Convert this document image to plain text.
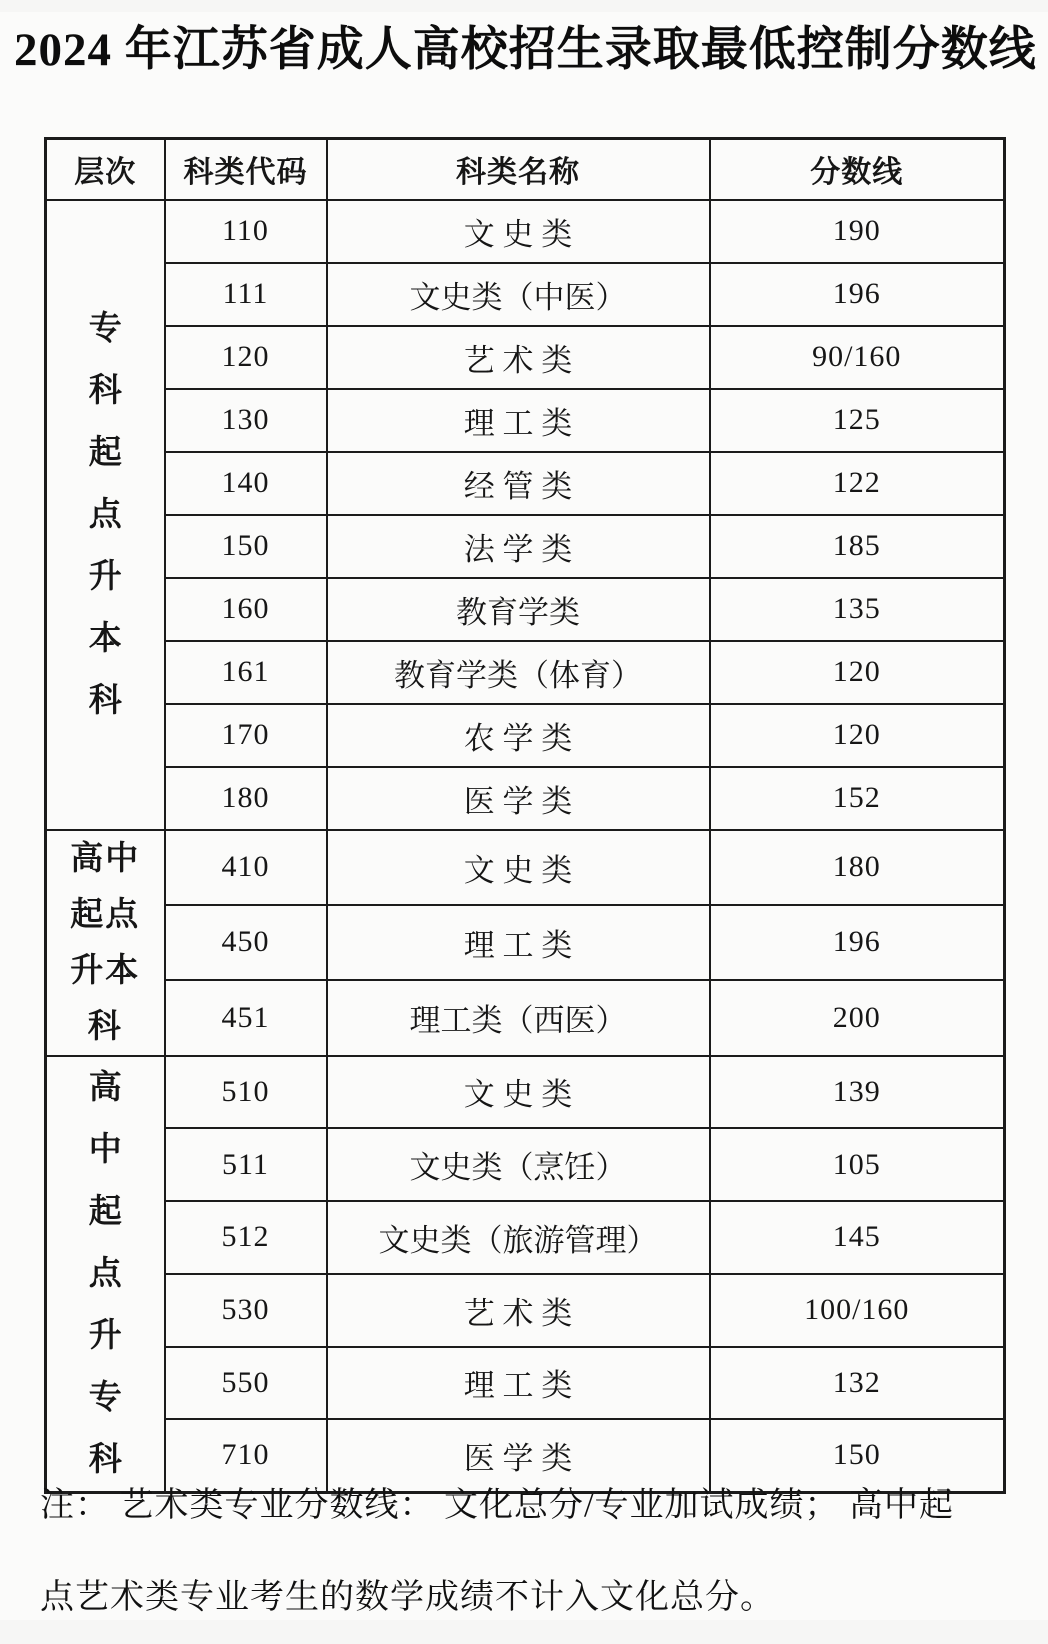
2024 年江苏省成人高校招生录取最低控制分数线
层次	科类代码	科类名称	分数线
专科起点升本科	110	文 史 类	190
	111	文史类（中医）	196
	120	艺 术 类	90/160
	130	理 工 类	125
	140	经 管 类	122
	150	法 学 类	185
	160	教育学类	135
	161	教育学类（体育）	120
	170	农 学 类	120
	180	医 学 类	152
高中起点升本科	410	文 史 类	180
	450	理 工 类	196
	451	理工类（西医）	200
高中起点升专科	510	文 史 类	139
	511	文史类（烹饪）	105
	512	文史类（旅游管理）	145
	530	艺 术 类	100/160
	550	理 工 类	132
	710	医 学 类	150
注： 艺术类专业分数线： 文化总分/专业加试成绩； 高中起
点艺术类专业考生的数学成绩不计入文化总分。
